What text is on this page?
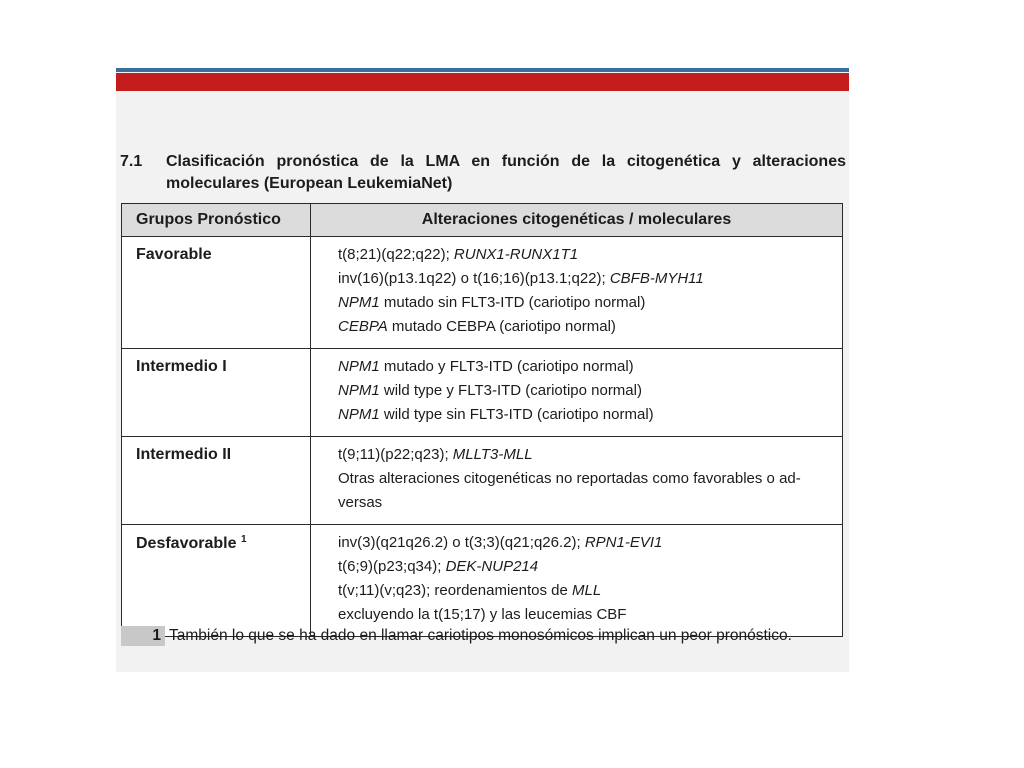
7.1 Clasificación pronóstica de la LMA en función de la citogenética y alteraciones moleculares (European LeukemiaNet)
Grupos Pronóstico	Alteraciones citogenéticas / moleculares
Favorable	t(8;21)(q22;q22); RUNX1-RUNX1T1
inv(16)(p13.1q22) o t(16;16)(p13.1;q22); CBFB-MYH11
NPM1 mutado sin FLT3-ITD (cariotipo normal)
CEBPA mutado CEBPA (cariotipo normal)

Intermedio I	NPM1 mutado y FLT3-ITD (cariotipo normal)
NPM1 wild type y FLT3-ITD (cariotipo normal)
NPM1 wild type sin FLT3-ITD (cariotipo normal)

Intermedio II	t(9;11)(p22;q23); MLLT3-MLL
Otras alteraciones citogenéticas no reportadas como favorables o ad-
versas

Desfavorable $^1$	inv(3)(q21q26.2) o t(3;3)(q21;q26.2); RPN1-EVI1
t(6;9)(p23;q34); DEK-NUP214
t(v;11)(v;q23); reordenamientos de MLL
excluyendo la t(15;17) y las leucemias CBF
1 También lo que se ha dado en llamar cariotipos monosómicos implican un peor pronóstico.
